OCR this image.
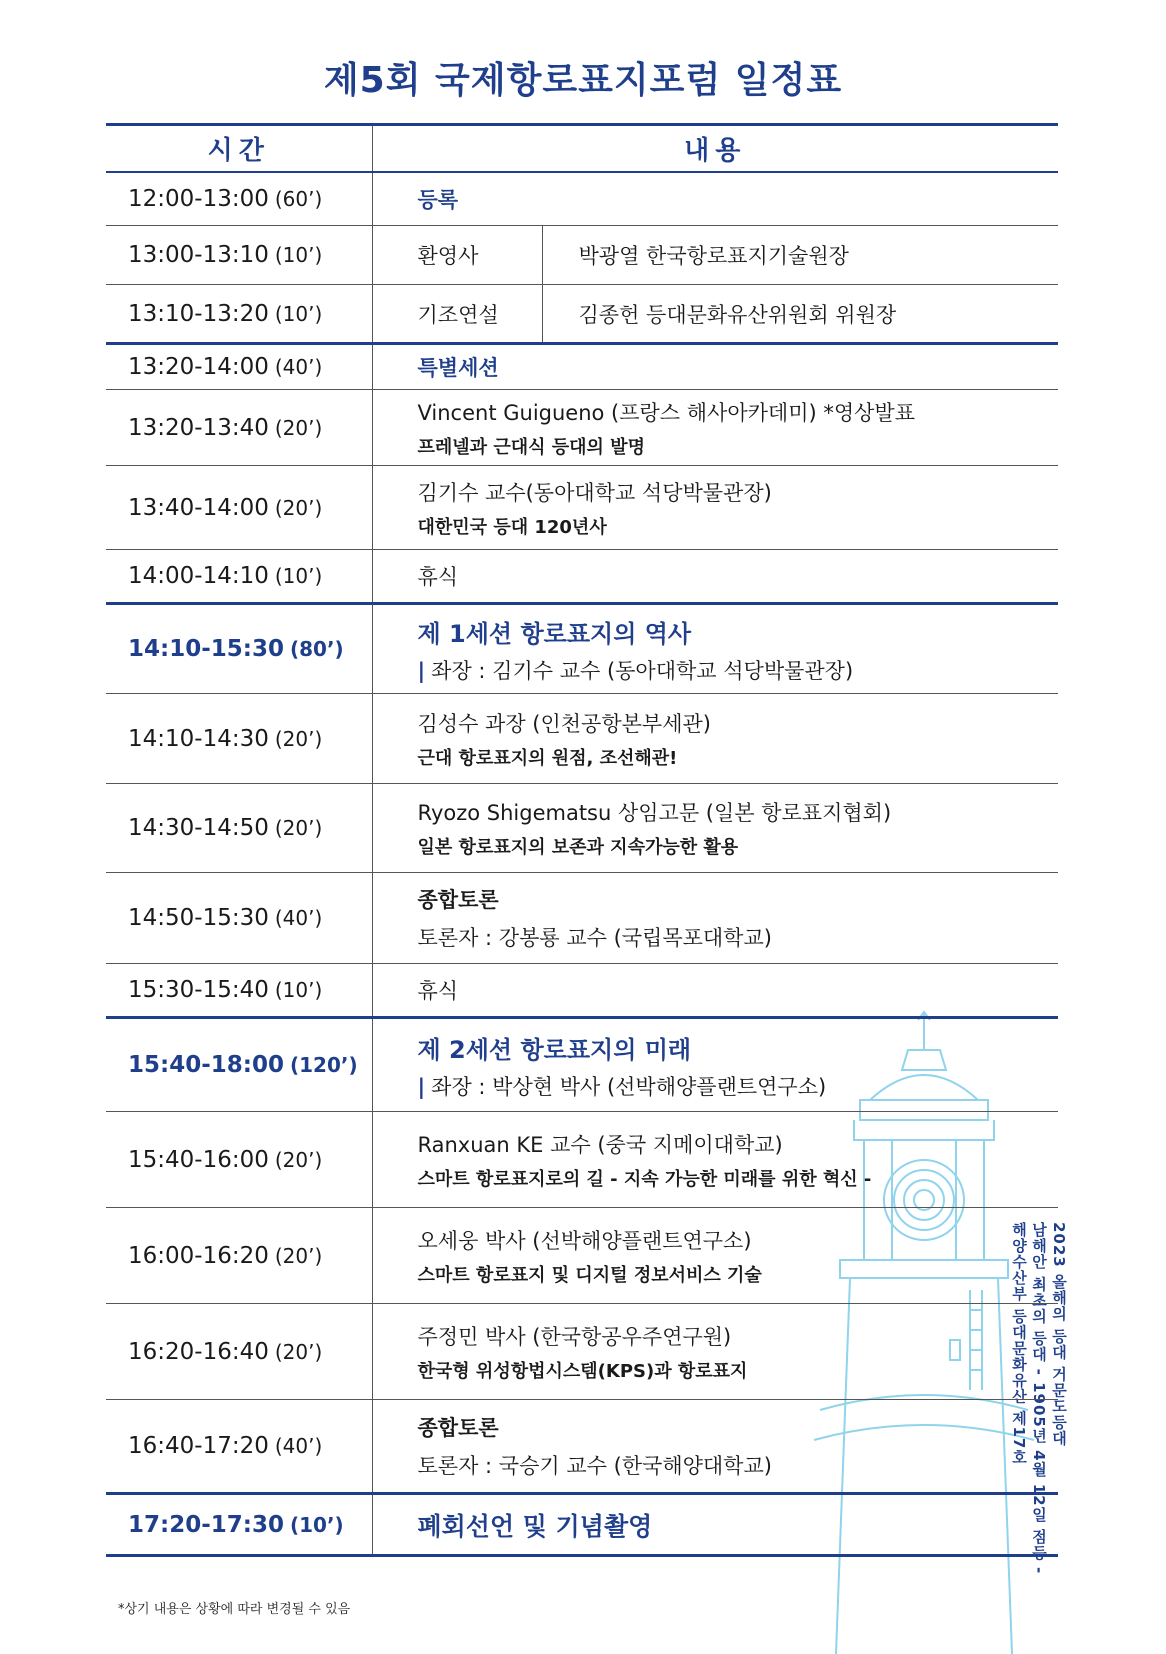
제5회 국제항로표지포럼 일정표
2023 올해의 등대 거문도등대
남해안 최초의 등대 - 1905년 4월 12일 점등 -
해양수산부 등대문화유산 제17호
시간	내용	
12:00-13:00 (60’)	등록	
13:00-13:10 (10’)	환영사	박광열 한국항로표지기술원장
13:10-13:20 (10’)	기조연설	김종헌 등대문화유산위원회 위원장
13:20-14:00 (40’)	특별세션	
13:20-13:40 (20’)	Vincent Guigueno (프랑스 해사아카데미) *영상발표
프레넬과 근대식 등대의 발명	

13:40-14:00 (20’)	김기수 교수(동아대학교 석당박물관장)
대한민국 등대 120년사	

14:00-14:10 (10’)	휴식	
14:10-15:30 (80’)	제 1세션 항로표지의 역사
| 좌장 : 김기수 교수 (동아대학교 석당박물관장)	

14:10-14:30 (20’)	김성수 과장 (인천공항본부세관)
근대 항로표지의 원점, 조선해관!	

14:30-14:50 (20’)	Ryozo Shigematsu 상임고문 (일본 항로표지협회)
일본 항로표지의 보존과 지속가능한 활용	

14:50-15:30 (40’)	종합토론
토론자 : 강봉룡 교수 (국립목포대학교)	

15:30-15:40 (10’)	휴식	
15:40-18:00 (120’)	제 2세션 항로표지의 미래
| 좌장 : 박상현 박사 (선박해양플랜트연구소)	

15:40-16:00 (20’)	Ranxuan KE 교수 (중국 지메이대학교)
스마트 항로표지로의 길 - 지속 가능한 미래를 위한 혁신 -	

16:00-16:20 (20’)	오세웅 박사 (선박해양플랜트연구소)
스마트 항로표지 및 디지털 정보서비스 기술	

16:20-16:40 (20’)	주정민 박사 (한국항공우주연구원)
한국형 위성항법시스템(KPS)과 항로표지	

16:40-17:20 (40’)	종합토론
토론자 : 국승기 교수 (한국해양대학교)	

17:20-17:30 (10’)	폐회선언 및 기념촬영	
*상기 내용은 상황에 따라 변경될 수 있음
